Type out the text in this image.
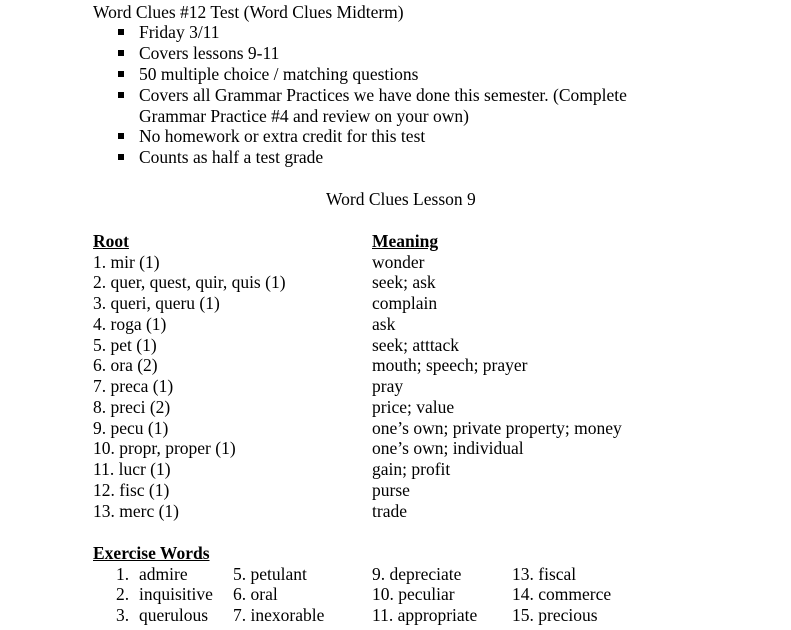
Word Clues #12 Test (Word Clues Midterm)
Friday 3/11
Covers lessons 9-11
50 multiple choice / matching questions
Covers all Grammar Practices we have done this semester. (Complete
Grammar Practice #4 and review on your own)
No homework or extra credit for this test
Counts as half a test grade
Word Clues Lesson 9
Root	Meaning
1. mir (1)
2. quer, quest, quir, quis (1)
3. queri, queru (1)
4. roga (1)
5. pet (1)
6. ora (2)
7. preca (1)
8. preci (2)
9. pecu (1)
10. propr, proper (1)
11. lucr (1)
12. fisc (1)
13. merc (1)
wonder
seek; ask
complain
ask
seek; atttack
mouth; speech; prayer
pray
price; value
one’s own; private property; money
one’s own; individual
gain; profit
purse
trade
Exercise Words
1. admire
2. inquisitive
3. querulous
5. petulant
6. oral
7. inexorable
9. depreciate
10. peculiar
11. appropriate
13. fiscal
14. commerce
15. precious
